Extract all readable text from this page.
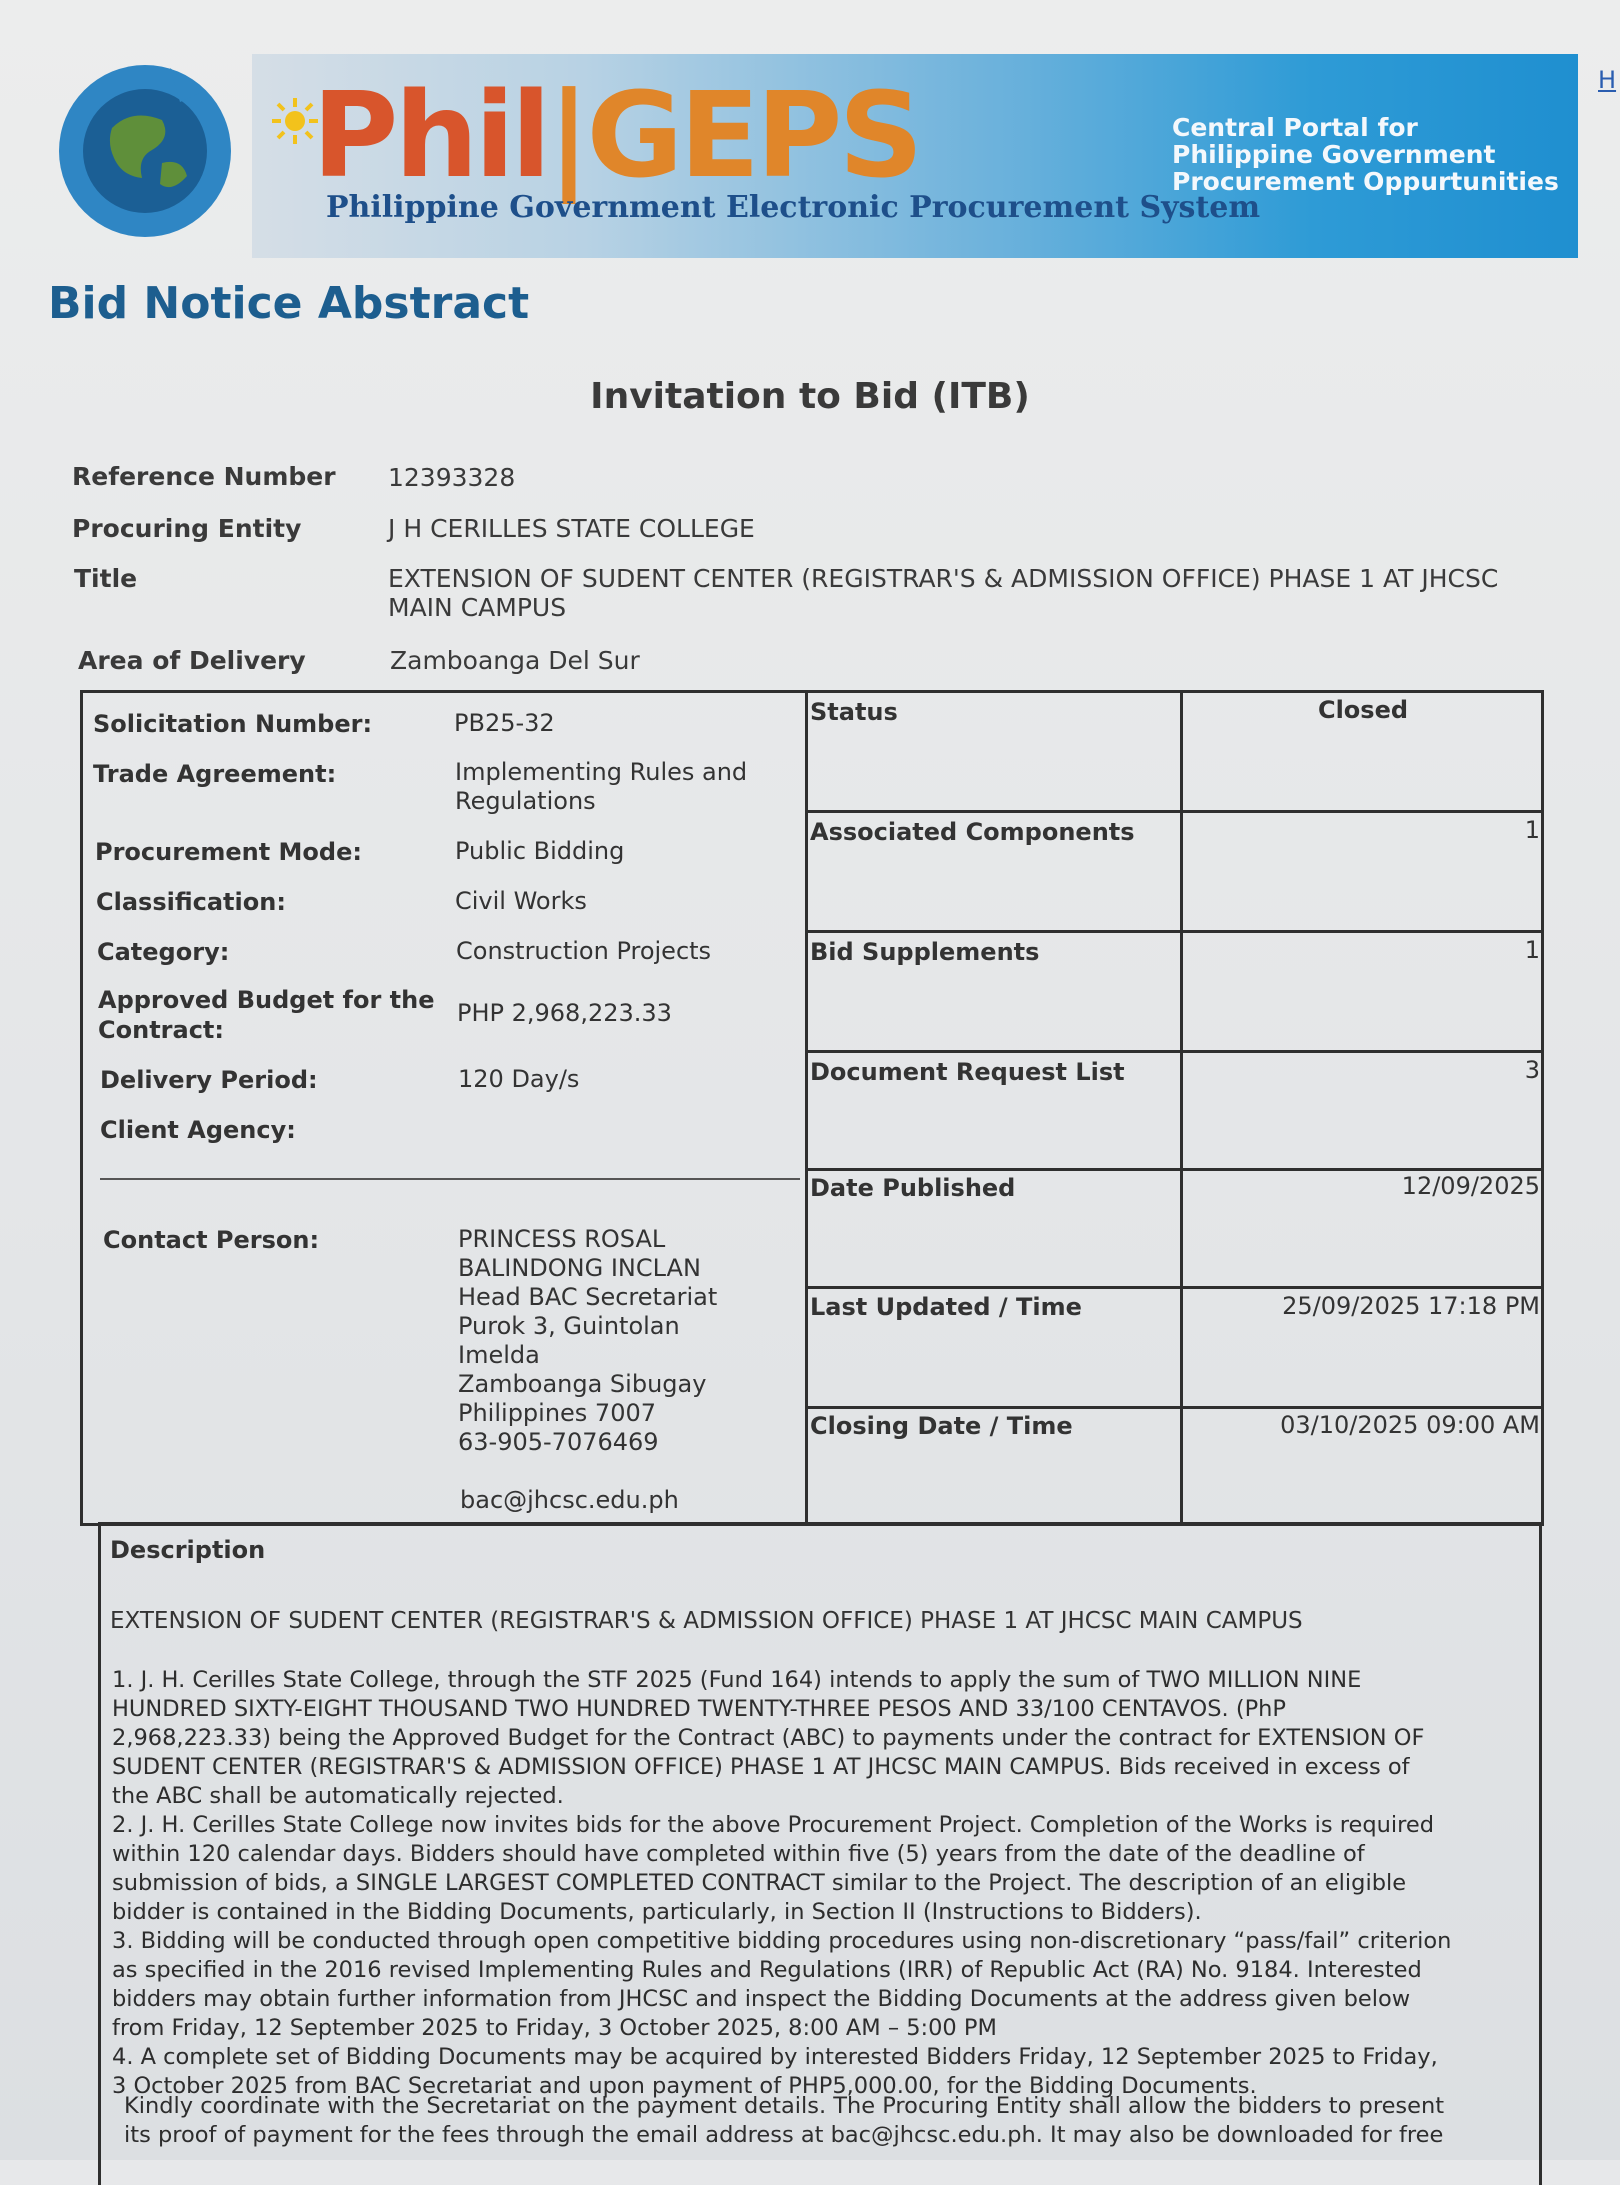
Phil|GEPS
Philippine Government Electronic Procurement System
Central Portal for
Philippine Government
Procurement Oppurtunities
H
Bid Notice Abstract
Invitation to Bid (ITB)
Reference Number 12393328
Procuring Entity	J H CERILLES STATE COLLEGE
Title	EXTENSION OF SUDENT CENTER (REGISTRAR'S & ADMISSION OFFICE) PHASE 1 AT JHCSC
MAIN CAMPUS
Area of Delivery	Zamboanga Del Sur
Solicitation Number:	PB25-32
Trade Agreement:	Implementing Rules and
Regulations
Procurement Mode:	Public Bidding
Classification:	Civil Works
Category:	Construction Projects
Approved Budget for the
Contract:
PHP 2,968,223.33
Delivery Period:	120 Day/s
Client Agency:
Contact Person:	PRINCESS ROSAL
BALINDONG INCLAN
Head BAC Secretariat
Purok 3, Guintolan
Imelda
Zamboanga Sibugay
Philippines 7007
63-905-7076469
bac@jhcsc.edu.ph
Status	Closed
Associated Components	1
Bid Supplements	1
Document Request List	3
Date Published	12/09/2025
Last Updated / Time	25/09/2025 17:18 PM
Closing Date / Time	03/10/2025 09:00 AM
Description
EXTENSION OF SUDENT CENTER (REGISTRAR'S & ADMISSION OFFICE) PHASE 1 AT JHCSC MAIN CAMPUS

1. J. H. Cerilles State College, through the STF 2025 (Fund 164) intends to apply the sum of TWO MILLION NINE

HUNDRED SIXTY-EIGHT THOUSAND TWO HUNDRED TWENTY-THREE PESOS AND 33/100 CENTAVOS. (PhP

2,968,223.33) being the Approved Budget for the Contract (ABC) to payments under the contract for EXTENSION OF

SUDENT CENTER (REGISTRAR'S & ADMISSION OFFICE) PHASE 1 AT JHCSC MAIN CAMPUS. Bids received in excess of

the ABC shall be automatically rejected.

2. J. H. Cerilles State College now invites bids for the above Procurement Project. Completion of the Works is required

within 120 calendar days. Bidders should have completed within five (5) years from the date of the deadline of

submission of bids, a SINGLE LARGEST COMPLETED CONTRACT similar to the Project. The description of an eligible

bidder is contained in the Bidding Documents, particularly, in Section II (Instructions to Bidders).

3. Bidding will be conducted through open competitive bidding procedures using non-discretionary “pass/fail” criterion

as specified in the 2016 revised Implementing Rules and Regulations (IRR) of Republic Act (RA) No. 9184. Interested

bidders may obtain further information from JHCSC and inspect the Bidding Documents at the address given below

from Friday, 12 September 2025 to Friday, 3 October 2025, 8:00 AM – 5:00 PM

4. A complete set of Bidding Documents may be acquired by interested Bidders Friday, 12 September 2025 to Friday,

3 October 2025 from BAC Secretariat and upon payment of PHP5,000.00, for the Bidding Documents.

Kindly coordinate with the Secretariat on the payment details. The Procuring Entity shall allow the bidders to present
its proof of payment for the fees through the email address at bac@jhcsc.edu.ph. It may also be downloaded for free
